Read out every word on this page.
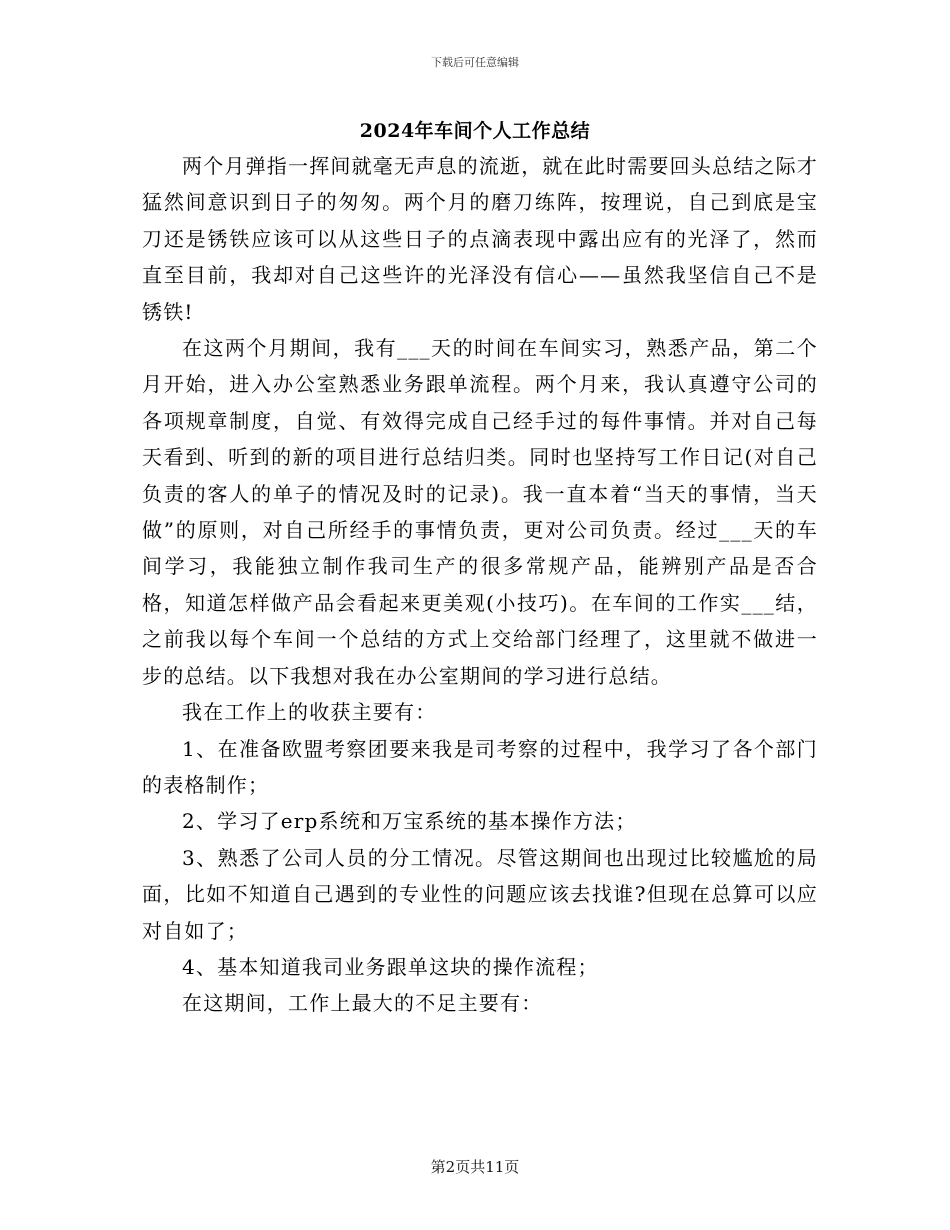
下载后可任意编辑
2024年车间个人工作总结

两个月弹指一挥间就毫无声息的流逝，就在此时需要回头总结之际才猛然间意识到日子的匆匆。两个月的磨刀练阵，按理说，自己到底是宝刀还是锈铁应该可以从这些日子的点滴表现中露出应有的光泽了，然而直至目前，我却对自己这些许的光泽没有信心——虽然我坚信自己不是锈铁!

在这两个月期间，我有___天的时间在车间实习，熟悉产品，第二个月开始，进入办公室熟悉业务跟单流程。两个月来，我认真遵守公司的各项规章制度，自觉、有效得完成自己经手过的每件事情。并对自己每天看到、听到的新的项目进行总结归类。同时也坚持写工作日记(对自己负责的客人的单子的情况及时的记录)。我一直本着“当天的事情，当天做”的原则，对自己所经手的事情负责，更对公司负责。经过___天的车间学习，我能独立制作我司生产的很多常规产品，能辨别产品是否合格，知道怎样做产品会看起来更美观(小技巧)。在车间的工作实___结，之前我以每个车间一个总结的方式上交给部门经理了，这里就不做进一步的总结。以下我想对我在办公室期间的学习进行总结。

我在工作上的收获主要有：

1、在准备欧盟考察团要来我是司考察的过程中，我学习了各个部门的表格制作；

2、学习了erp系统和万宝系统的基本操作方法；

3、熟悉了公司人员的分工情况。尽管这期间也出现过比较尴尬的局面，比如不知道自己遇到的专业性的问题应该去找谁?但现在总算可以应对自如了；

4、基本知道我司业务跟单这块的操作流程；

在这期间，工作上最大的不足主要有：

第2页共11页
